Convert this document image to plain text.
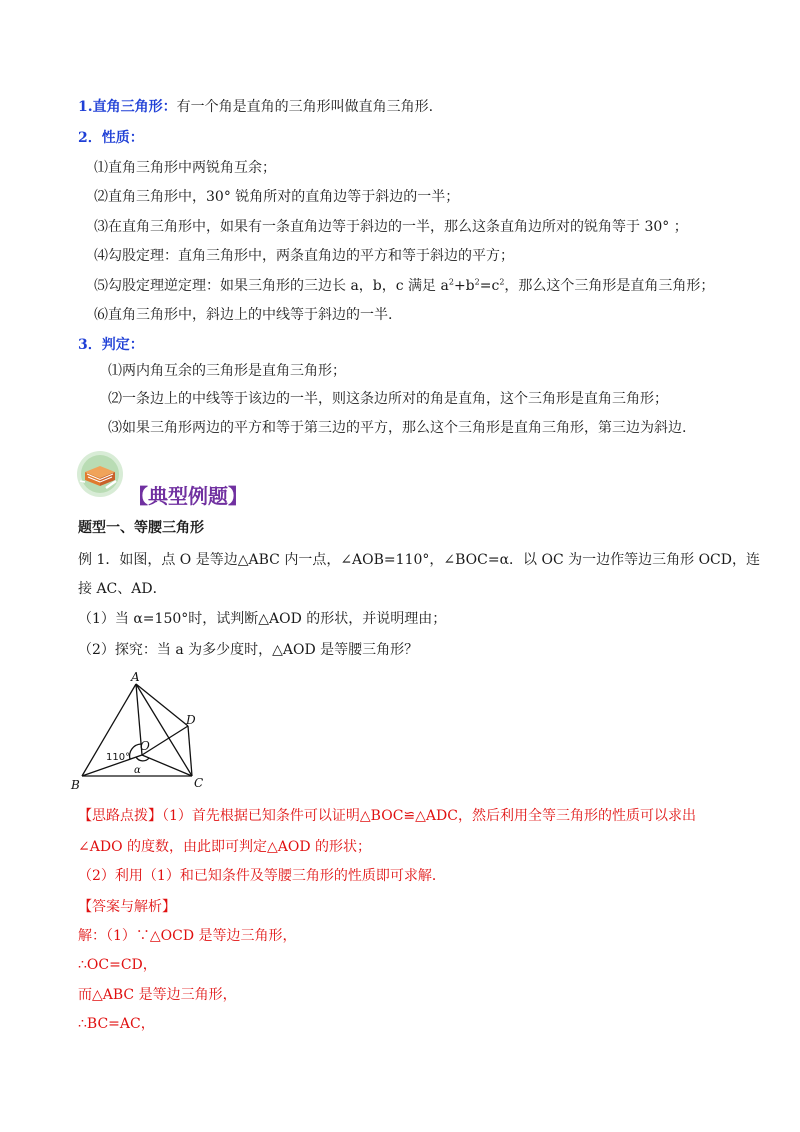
1.直角三角形：有一个角是直角的三角形叫做直角三角形.
2．性质：
⑴直角三角形中两锐角互余；
⑵直角三角形中，30° 锐角所对的直角边等于斜边的一半；
⑶在直角三角形中，如果有一条直角边等于斜边的一半，那么这条直角边所对的锐角等于 30° ；
⑷勾股定理：直角三角形中，两条直角边的平方和等于斜边的平方；
⑸勾股定理逆定理：如果三角形的三边长 a，b，c 满足 $a^2+b^2=c^2$，那么这个三角形是直角三角形；
⑹直角三角形中，斜边上的中线等于斜边的一半.
3．判定：
⑴两内角互余的三角形是直角三角形；
⑵一条边上的中线等于该边的一半，则这条边所对的角是直角，这个三角形是直角三角形；
⑶如果三角形两边的平方和等于第三边的平方，那么这个三角形是直角三角形，第三边为斜边.
【典型例题】
题型一、等腰三角形
例 1．如图，点 O 是等边△ABC 内一点，∠AOB=110°，∠BOC=α．以 OC 为一边作等边三角形 OCD，连
接 AC、AD．
（1）当 α=150°时，试判断△AOD 的形状，并说明理由；
（2）探究：当 a 为多少度时，△AOD 是等腰三角形？
A
B	C
D
O
α
110°
【思路点拨】（1）首先根据已知条件可以证明△BOC≌△ADC，然后利用全等三角形的性质可以求出
∠ADO 的度数，由此即可判定△AOD 的形状；
（2）利用（1）和已知条件及等腰三角形的性质即可求解．
【答案与解析】
解：（1）∵△OCD 是等边三角形，
∴OC=CD，
而△ABC 是等边三角形，
∴BC=AC，
